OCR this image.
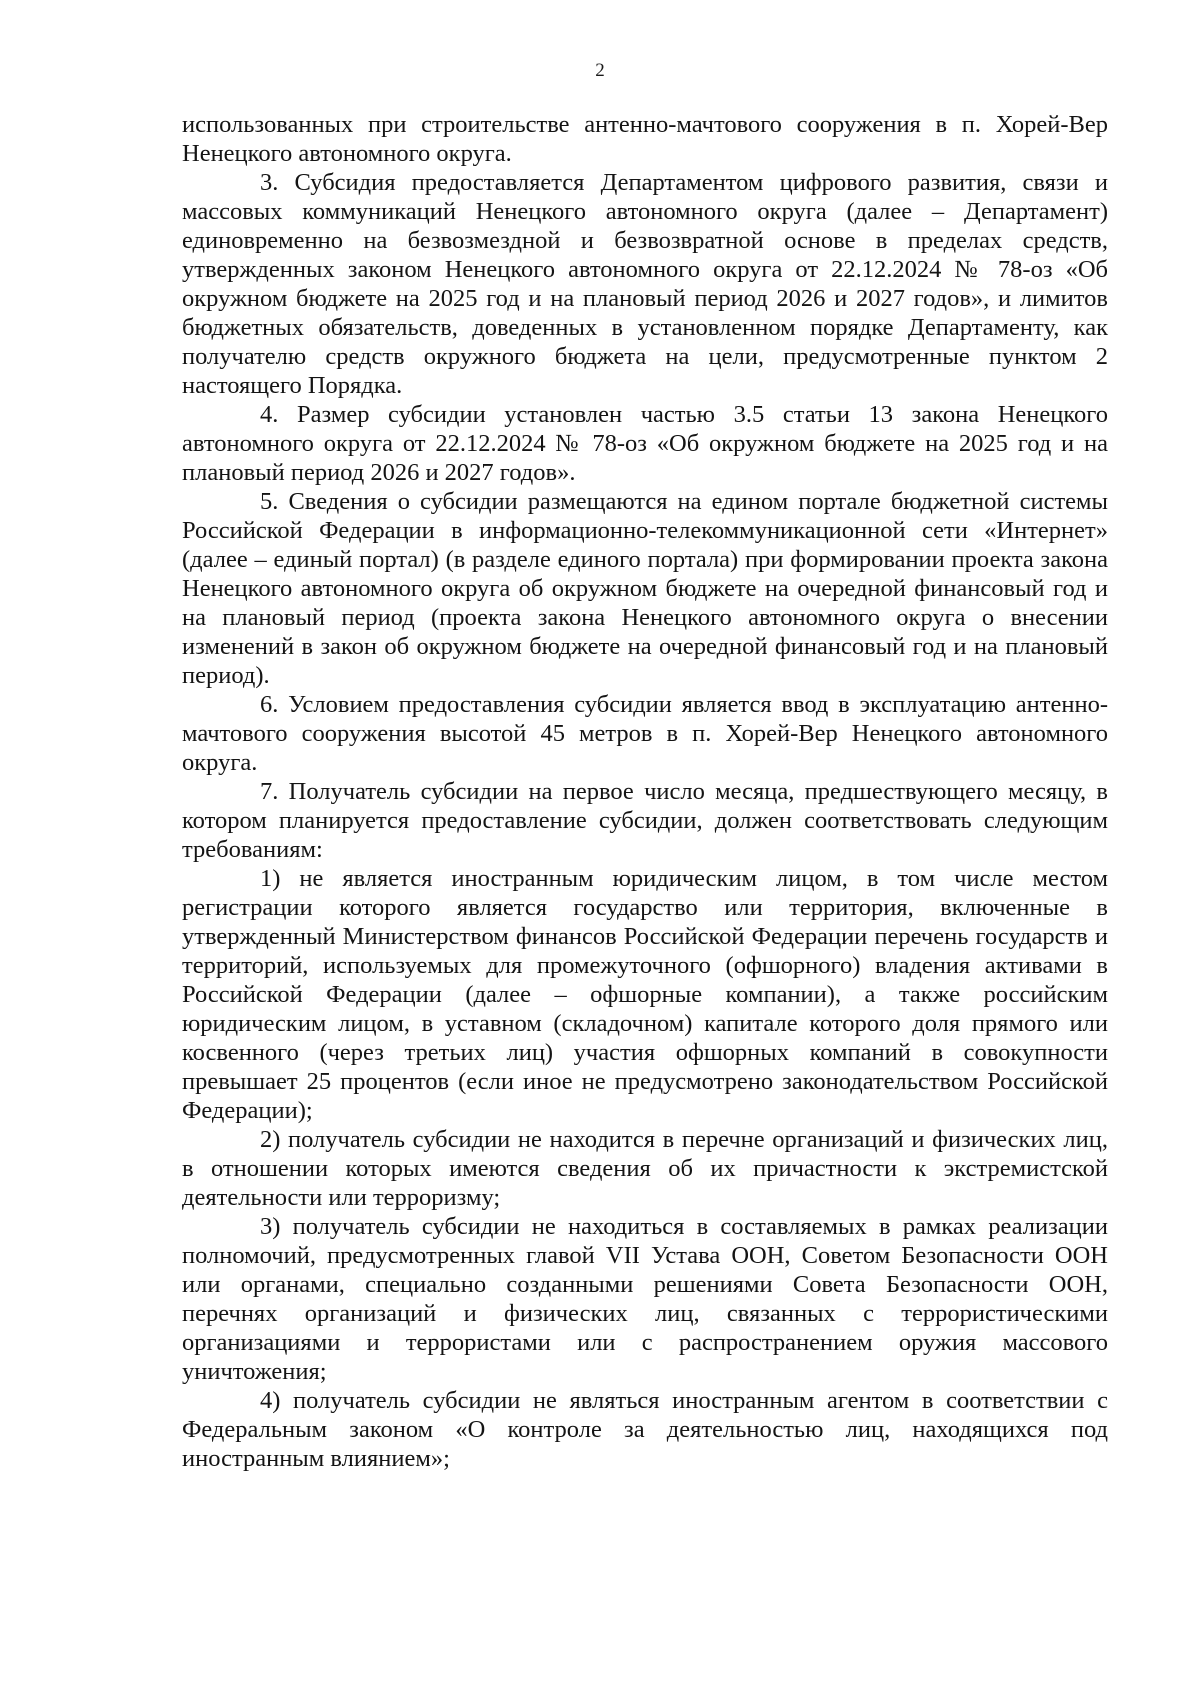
2

использованных при строительстве антенно-мачтового сооружения в п. Хорей-Вер Ненецкого автономного округа.

3. Субсидия предоставляется Департаментом цифрового развития, связи и массовых коммуникаций Ненецкого автономного округа (далее – Департамент) единовременно на безвозмездной и безвозвратной основе в пределах средств, утвержденных законом Ненецкого автономного округа от 22.12.2024 № 78-оз «Об окружном бюджете на 2025 год и на плановый период 2026 и 2027 годов», и лимитов бюджетных обязательств, доведенных в установленном порядке Департаменту, как получателю средств окружного бюджета на цели, предусмотренные пунктом 2 настоящего Порядка.

4. Размер субсидии установлен частью 3.5 статьи 13 закона Ненецкого автономного округа от 22.12.2024 № 78-оз «Об окружном бюджете на 2025 год и на плановый период 2026 и 2027 годов».

5. Сведения о субсидии размещаются на едином портале бюджетной системы Российской Федерации в информационно-телекоммуникационной сети «Интернет» (далее – единый портал) (в разделе единого портала) при формировании проекта закона Ненецкого автономного округа об окружном бюджете на очередной финансовый год и на плановый период (проекта закона Ненецкого автономного округа о внесении изменений в закон об окружном бюджете на очередной финансовый год и на плановый период).

6. Условием предоставления субсидии является ввод в эксплуатацию антенно-мачтового сооружения высотой 45 метров в п. Хорей-Вер Ненецкого автономного округа.

7. Получатель субсидии на первое число месяца, предшествующего месяцу, в котором планируется предоставление субсидии, должен соответствовать следующим требованиям:

1) не является иностранным юридическим лицом, в том числе местом регистрации которого является государство или территория, включенные в утвержденный Министерством финансов Российской Федерации перечень государств и территорий, используемых для промежуточного (офшорного) владения активами в Российской Федерации (далее – офшорные компании), а также российским юридическим лицом, в уставном (складочном) капитале которого доля прямого или косвенного (через третьих лиц) участия офшорных компаний в совокупности превышает 25 процентов (если иное не предусмотрено законодательством Российской Федерации);

2) получатель субсидии не находится в перечне организаций и физических лиц, в отношении которых имеются сведения об их причастности к экстремистской деятельности или терроризму;

3) получатель субсидии не находиться в составляемых в рамках реализации полномочий, предусмотренных главой VII Устава ООН, Советом Безопасности ООН или органами, специально созданными решениями Совета Безопасности ООН, перечнях организаций и физических лиц, связанных с террористическими организациями и террористами или с распространением оружия массового уничтожения;

4) получатель субсидии не являться иностранным агентом в соответствии с Федеральным законом «О контроле за деятельностью лиц, находящихся под иностранным влиянием»;
